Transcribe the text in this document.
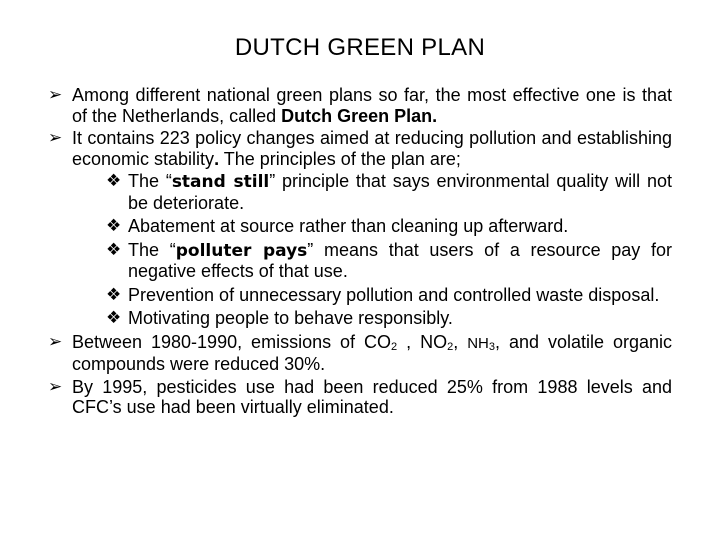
DUTCH GREEN PLAN
➢ Among different national green plans so far, the most effective one is that of the Netherlands, called Dutch Green Plan.
➢ It contains 223 policy changes aimed at reducing pollution and establishing economic stability. The principles of the plan are;
❖ The “stand still” principle that says environmental quality will not be deteriorate.
❖ Abatement at source rather than cleaning up afterward.
❖ The “polluter pays” means that users of a resource pay for negative effects of that use.
❖ Prevention of unnecessary pollution and controlled waste disposal.
❖ Motivating people to behave responsibly.
➢ Between 1980-1990, emissions of $CO_2$ , $NO_2$, $NH_3$, and volatile organic compounds were reduced 30%.
➢ By 1995, pesticides use had been reduced 25% from 1988 levels and CFC’s use had been virtually eliminated.
